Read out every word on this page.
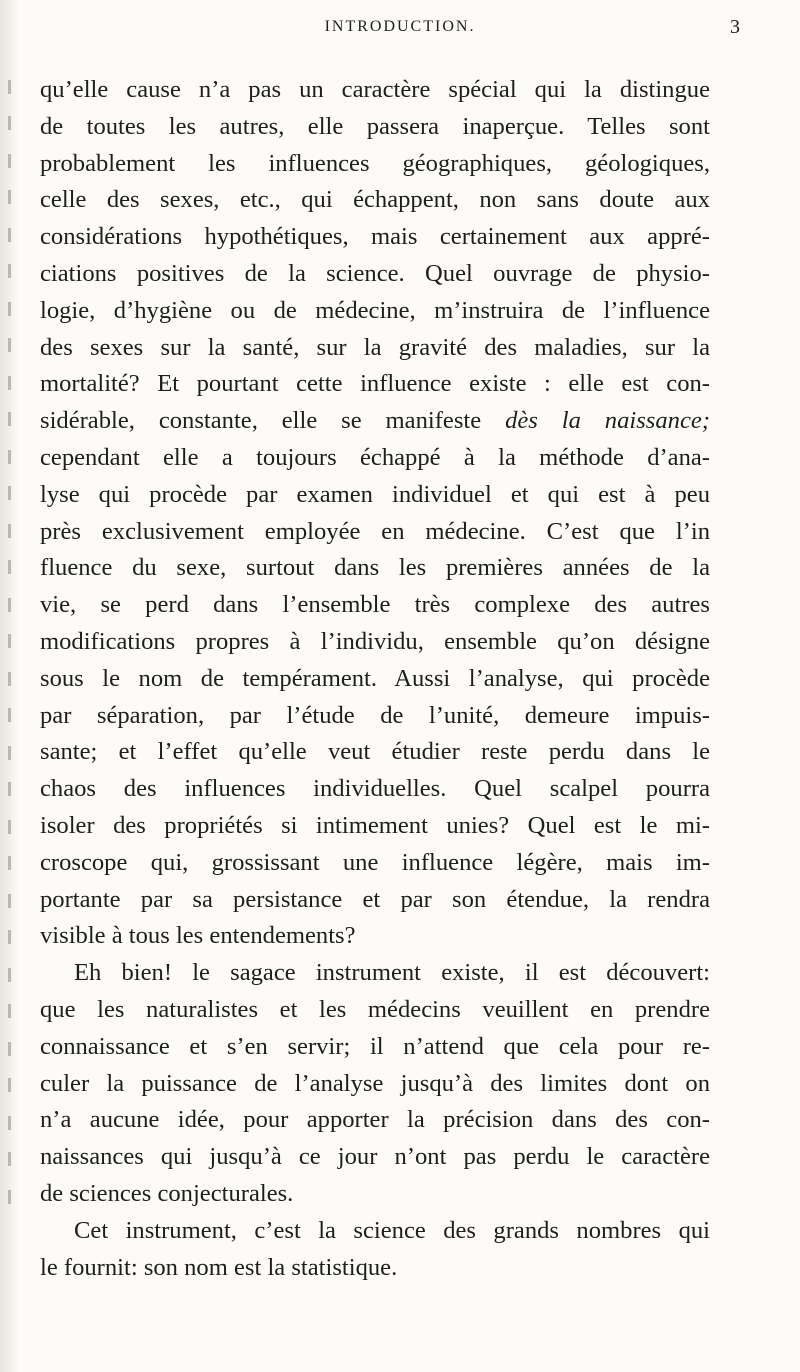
INTRODUCTION.	3
qu’elle cause n’a pas un caractère spécial qui la distingue
de toutes les autres, elle passera inaperçue. Telles sont
probablement les influences géographiques, géologiques,
celle des sexes, etc., qui échappent, non sans doute aux
considérations hypothétiques, mais certainement aux appré-
ciations positives de la science. Quel ouvrage de physio-
logie, d’hygiène ou de médecine, m’instruira de l’influence
des sexes sur la santé, sur la gravité des maladies, sur la
mortalité? Et pourtant cette influence existe : elle est con-
sidérable, constante, elle se manifeste dès la naissance;
cependant elle a toujours échappé à la méthode d’ana-
lyse qui procède par examen individuel et qui est à peu
près exclusivement employée en médecine. C’est que l’in
fluence du sexe, surtout dans les premières années de la
vie, se perd dans l’ensemble très complexe des autres
modifications propres à l’individu, ensemble qu’on désigne
sous le nom de tempérament. Aussi l’analyse, qui procède
par séparation, par l’étude de l’unité, demeure impuis-
sante; et l’effet qu’elle veut étudier reste perdu dans le
chaos des influences individuelles. Quel scalpel pourra
isoler des propriétés si intimement unies? Quel est le mi-
croscope qui, grossissant une influence légère, mais im-
portante par sa persistance et par son étendue, la rendra
visible à tous les entendements?
Eh bien! le sagace instrument existe, il est découvert:
que les naturalistes et les médecins veuillent en prendre
connaissance et s’en servir; il n’attend que cela pour re-
culer la puissance de l’analyse jusqu’à des limites dont on
n’a aucune idée, pour apporter la précision dans des con-
naissances qui jusqu’à ce jour n’ont pas perdu le caractère
de sciences conjecturales.
Cet instrument, c’est la science des grands nombres qui
le fournit: son nom est la statistique.
